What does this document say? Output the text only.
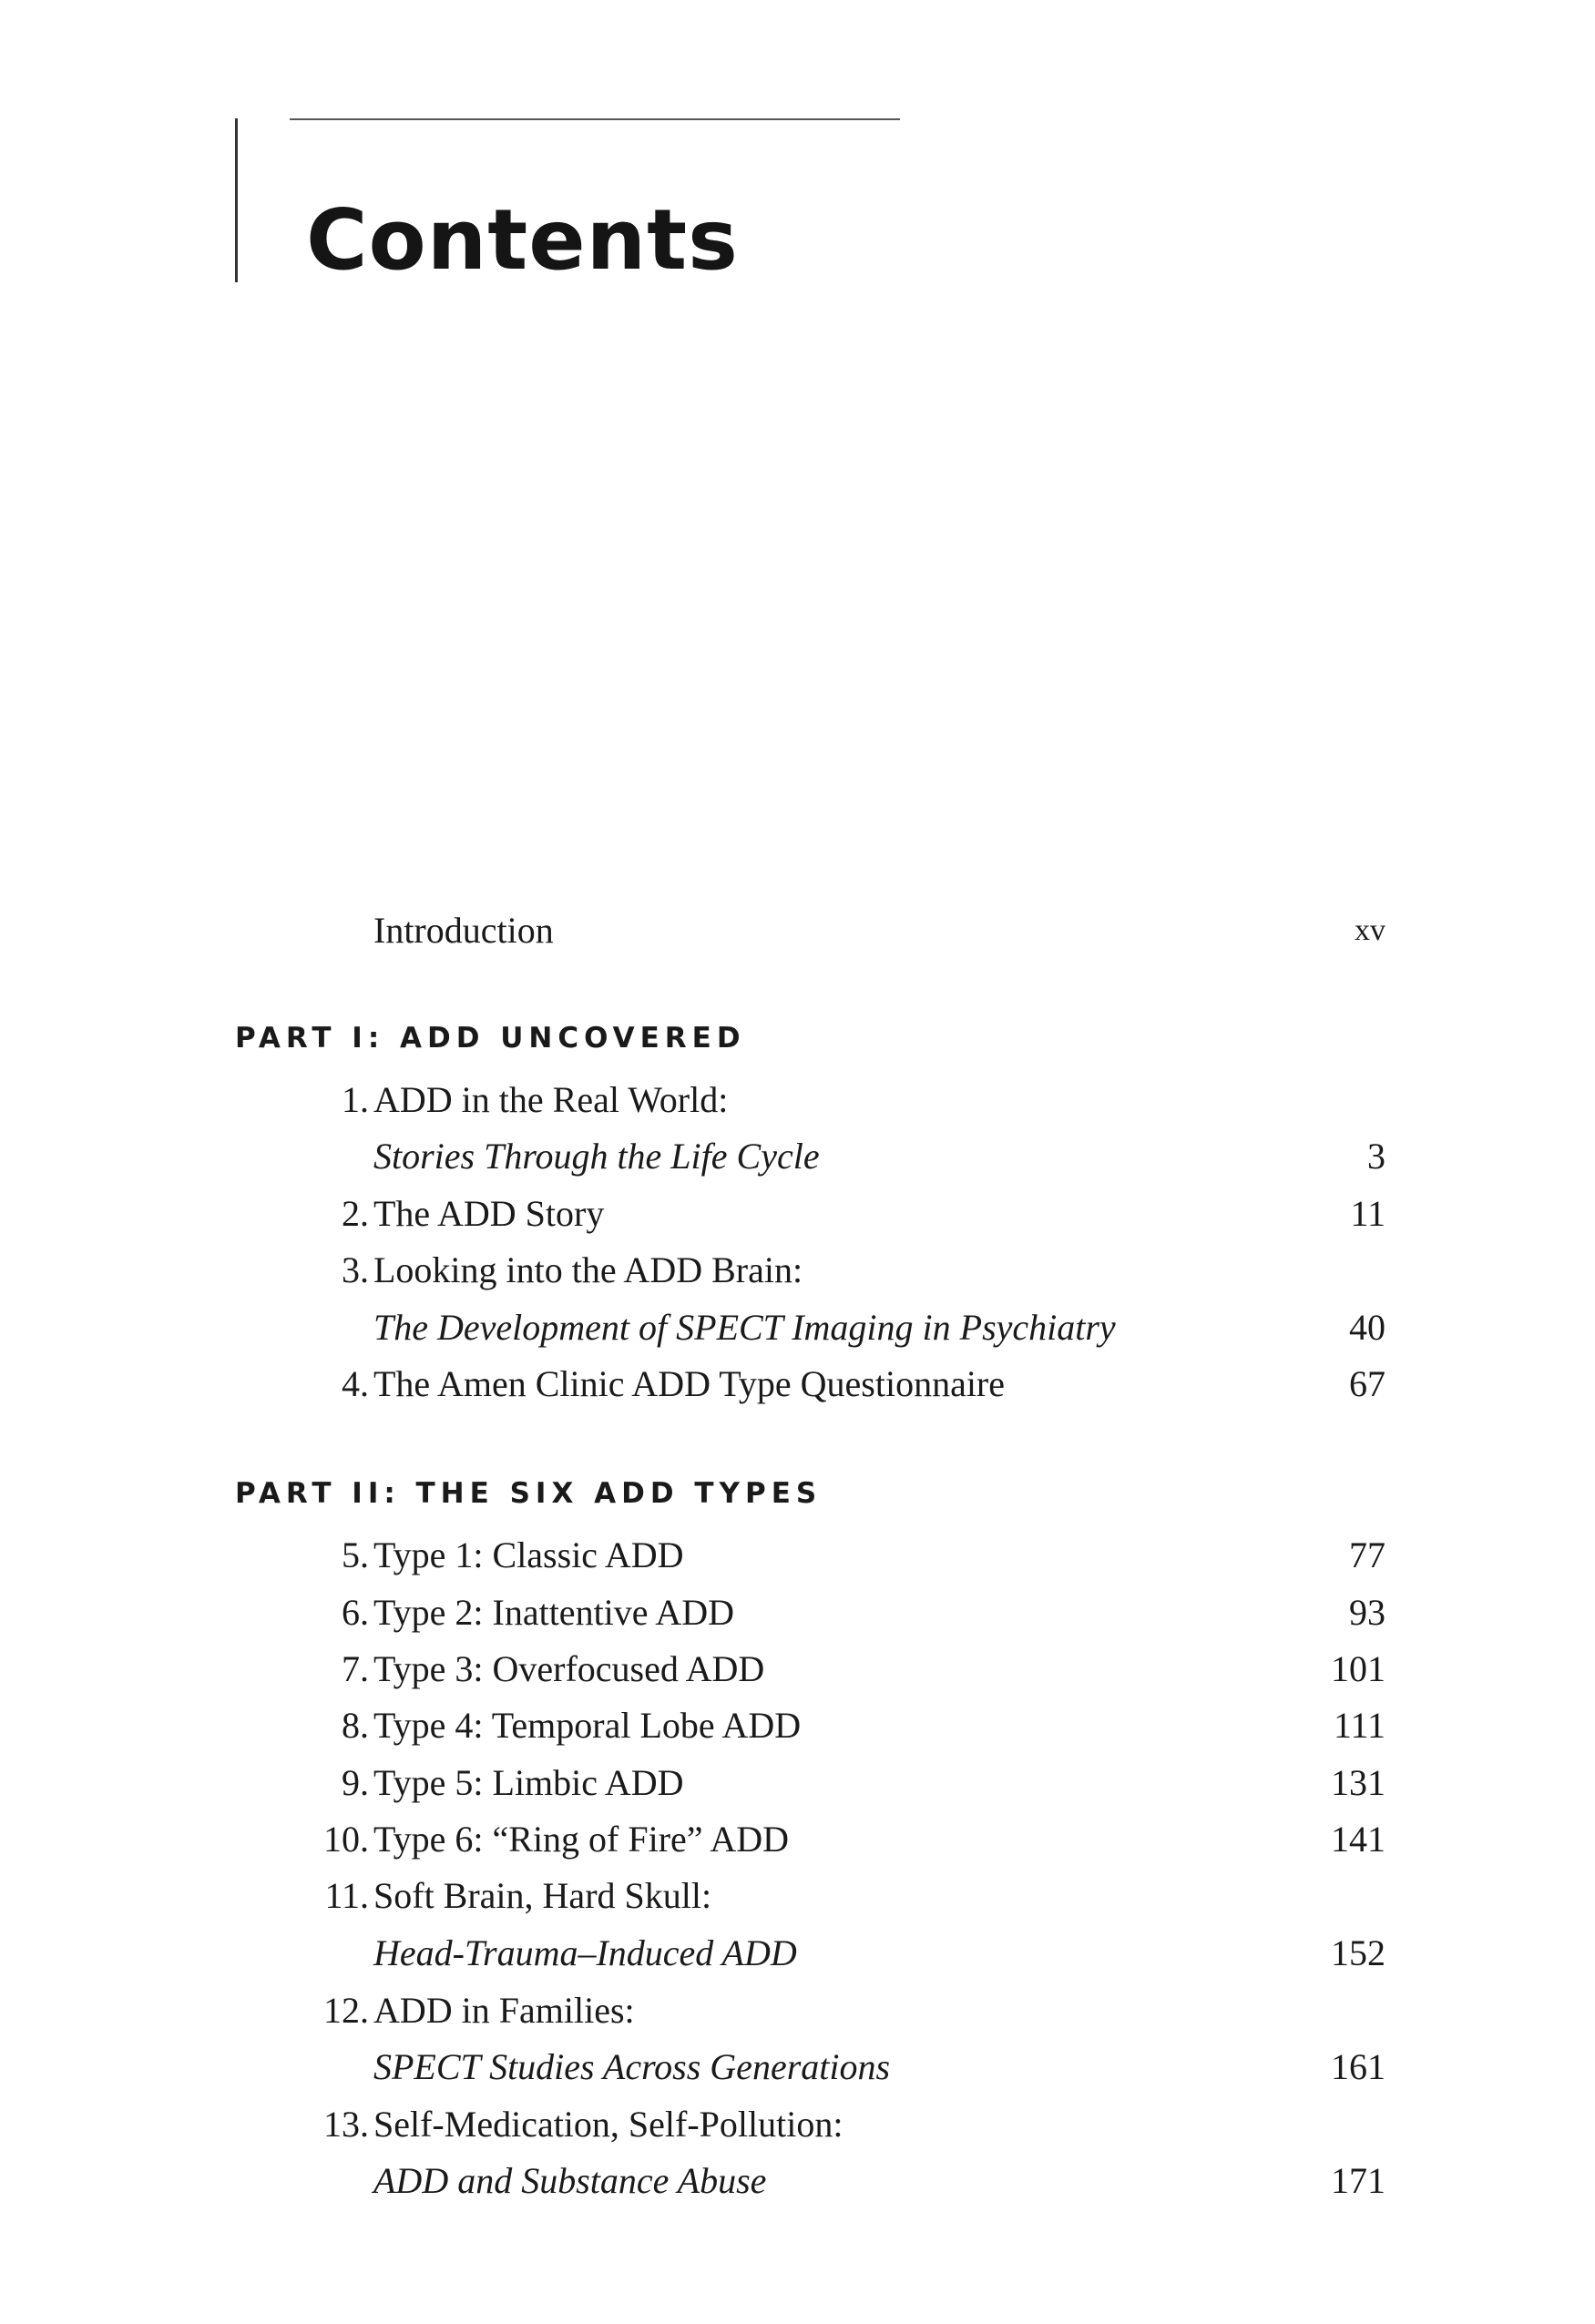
Contents
Introduction	xv
PART I: ADD UNCOVERED
1. ADD in the Real World:
Stories Through the Life Cycle	3
2. The ADD Story	11
3. Looking into the ADD Brain:
The Development of SPECT Imaging in Psychiatry	40
4. The Amen Clinic ADD Type Questionnaire	67
PART II: THE SIX ADD TYPES
5. Type 1: Classic ADD	77
6. Type 2: Inattentive ADD	93
7. Type 3: Overfocused ADD	101
8. Type 4: Temporal Lobe ADD	111
9. Type 5: Limbic ADD	131
10. Type 6: “Ring of Fire” ADD	141
11. Soft Brain, Hard Skull:
Head-Trauma–Induced ADD	152
12. ADD in Families:
SPECT Studies Across Generations	161
13. Self-Medication, Self-Pollution:
ADD and Substance Abuse	171
